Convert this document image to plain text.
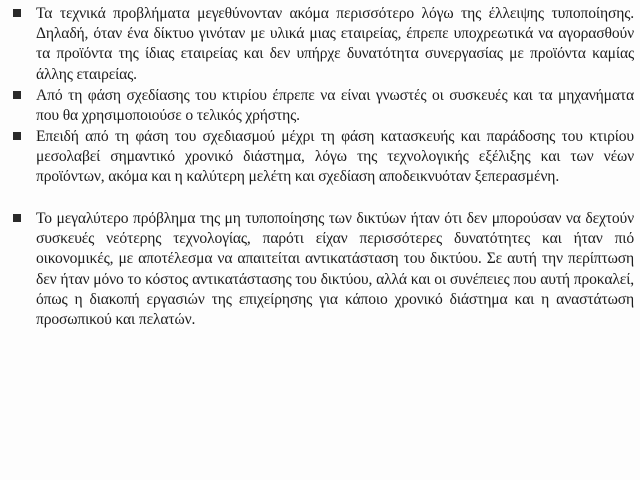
Τα τεχνικά προβλήματα μεγεθύνονταν ακόμα περισσότερο λόγω της έλλειψης τυποποίησης. Δηλαδή, όταν ένα δίκτυο γινόταν με υλικά μιας εταιρείας, έπρεπε υποχρεωτικά να αγορασθούν τα προϊόντα της ίδιας εταιρείας και δεν υπήρχε δυνατότητα συνεργασίας με προϊόντα καμίας άλλης εταιρείας.
Από τη φάση σχεδίασης του κτιρίου έπρεπε να είναι γνωστές οι συσκευές και τα μηχανήματα που θα χρησιμοποιούσε ο τελικός χρήστης.
Επειδή από τη φάση του σχεδιασμού μέχρι τη φάση κατασκευής και παράδοσης του κτιρίου μεσολαβεί σημαντικό χρονικό διάστημα, λόγω της τεχνολογικής εξέλιξης και των νέων προϊόντων, ακόμα και η καλύτερη μελέτη και σχεδίαση αποδεικνυόταν ξεπερασμένη.
Το μεγαλύτερο πρόβλημα της μη τυποποίησης των δικτύων ήταν ότι δεν μπορούσαν να δεχτούν συσκευές νεότερης τεχνολογίας, παρότι είχαν περισσότερες δυνατότητες και ήταν πιό οικονομικές, με αποτέλεσμα να απαιτείται αντικατάσταση του δικτύου. Σε αυτή την περίπτωση δεν ήταν μόνο το κόστος αντικατάστασης του δικτύου, αλλά και οι συνέπειες που αυτή προκαλεί, όπως η διακοπή εργασιών της επιχείρησης για κάποιο χρονικό διάστημα και η αναστάτωση προσωπικού και πελατών.
